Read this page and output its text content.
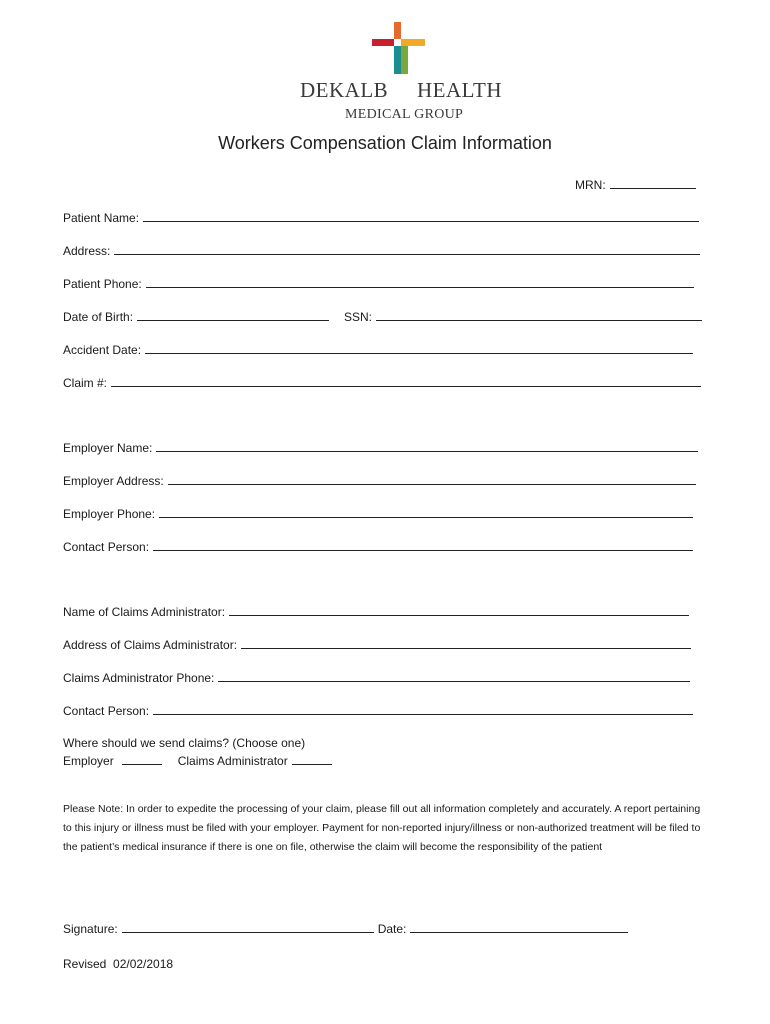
DEKALB HEALTH
MEDICAL GROUP
Workers Compensation Claim Information
MRN:
Patient Name:
Address:
Patient Phone:
Date of Birth:	SSN:
Accident Date:
Claim #:
Employer Name:
Employer Address:
Employer Phone:
Contact Person:
Name of Claims Administrator:
Address of Claims Administrator:
Claims Administrator Phone:
Contact Person:
Where should we send claims? (Choose one)
Employer	Claims Administrator
Please Note: In order to expedite the processing of your claim, please fill out all information completely and accurately. A report pertaining to this injury or illness must be filed with your employer. Payment for non-reported injury/illness or non-authorized treatment will be filed to the patient’s medical insurance if there is one on file, otherwise the claim will become the responsibility of the patient
Signature:	Date:
Revised  02/02/2018
